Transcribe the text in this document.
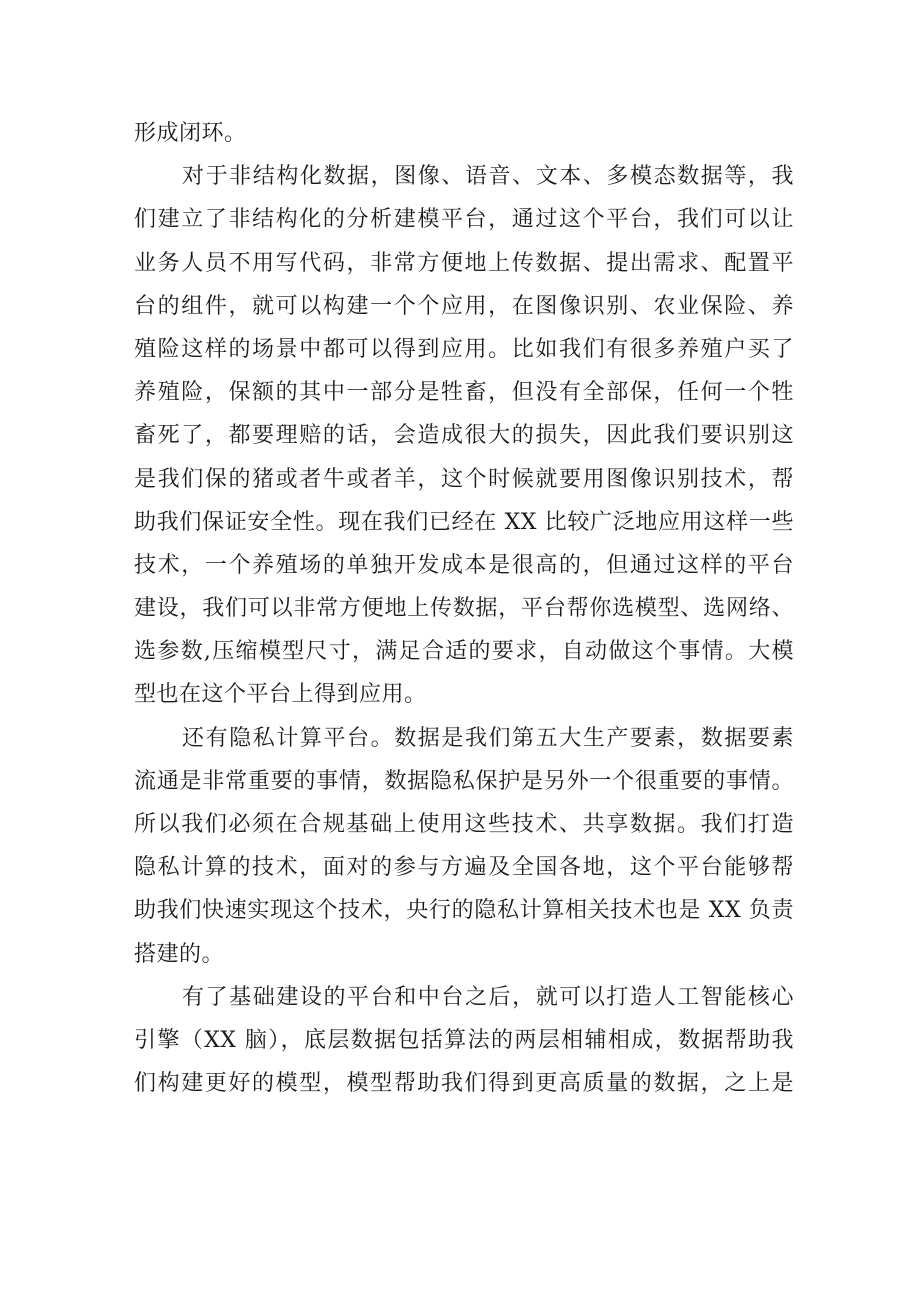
形成闭环。
对于非结构化数据，图像、语音、文本、多模态数据等，我
们建立了非结构化的分析建模平台，通过这个平台，我们可以让
业务人员不用写代码，非常方便地上传数据、提出需求、配置平
台的组件，就可以构建一个个应用，在图像识别、农业保险、养
殖险这样的场景中都可以得到应用。比如我们有很多养殖户买了
养殖险，保额的其中一部分是牲畜，但没有全部保，任何一个牲
畜死了，都要理赔的话，会造成很大的损失，因此我们要识别这
是我们保的猪或者牛或者羊，这个时候就要用图像识别技术，帮
助我们保证安全性。现在我们已经在 XX 比较广泛地应用这样一些
技术，一个养殖场的单独开发成本是很高的，但通过这样的平台
建设，我们可以非常方便地上传数据，平台帮你选模型、选网络、
选参数,压缩模型尺寸，满足合适的要求，自动做这个事情。大模
型也在这个平台上得到应用。
还有隐私计算平台。数据是我们第五大生产要素，数据要素
流通是非常重要的事情，数据隐私保护是另外一个很重要的事情。
所以我们必须在合规基础上使用这些技术、共享数据。我们打造
隐私计算的技术，面对的参与方遍及全国各地，这个平台能够帮
助我们快速实现这个技术，央行的隐私计算相关技术也是 XX 负责
搭建的。
有了基础建设的平台和中台之后，就可以打造人工智能核心
引擎（XX 脑），底层数据包括算法的两层相辅相成，数据帮助我
们构建更好的模型，模型帮助我们得到更高质量的数据，之上是
